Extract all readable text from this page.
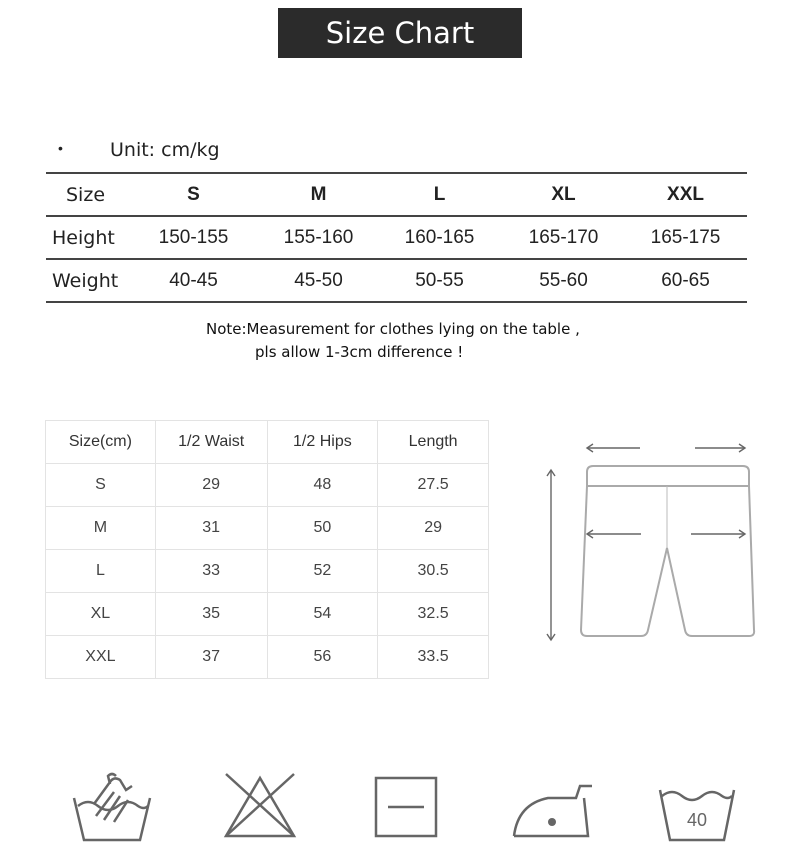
Size Chart
• Unit: cm/kg
Size	S	M	L	XL	XXL
Height	150-155	155-160	160-165	165-170	165-175
Weight	40-45	45-50	50-55	55-60	60-65
Note:Measurement for clothes lying on the table ,
pls allow 1-3cm difference !
Size(cm)	1/2 Waist	1/2 Hips	Length
S	29	48	27.5
M	31	50	29
L	33	52	30.5
XL	35	54	32.5
XXL	37	56	33.5
40
